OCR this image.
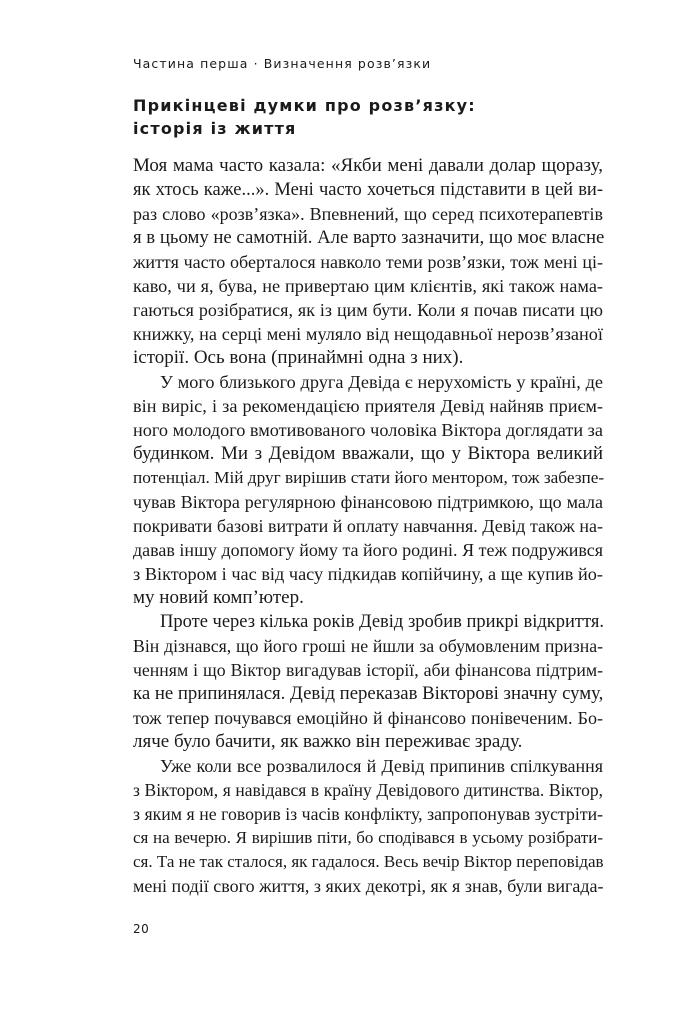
Частина перша · Визначення розв’язки
Прикінцеві думки про розв’язку:
історія із життя
Моя мама часто казала: «Якби мені давали долар щоразу,
як хтось каже...». Мені часто хочеться підставити в цей ви-
раз слово «розв’язка». Впевнений, що серед психотерапевтів
я в цьому не самотній. Але варто зазначити, що моє власне
життя часто оберталося навколо теми розв’язки, тож мені ці-
каво, чи я, бува, не привертаю цим клієнтів, які також нама-
гаються розібратися, як із цим бути. Коли я почав писати цю
книжку, на серці мені муляло від нещодавньої нерозв’язаної
історії. Ось вона (принаймні одна з них).
У мого близького друга Девіда є нерухомість у країні, де
він виріс, і за рекомендацією приятеля Девід найняв приєм-
ного молодого вмотивованого чоловіка Віктора доглядати за
будинком. Ми з Девідом вважали, що у Віктора великий
потенціал. Мій друг вирішив стати його ментором, тож забезпе-
чував Віктора регулярною фінансовою підтримкою, що мала
покривати базові витрати й оплату навчання. Девід також на-
давав іншу допомогу йому та його родині. Я теж подружився
з Віктором і час від часу підкидав копійчину, а ще купив йо-
му новий комп’ютер.
Проте через кілька років Девід зробив прикрі відкриття.
Він дізнався, що його гроші не йшли за обумовленим призна-
ченням і що Віктор вигадував історії, аби фінансова підтрим-
ка не припинялася. Девід переказав Вікторові значну суму,
тож тепер почувався емоційно й фінансово понівеченим. Бо-
ляче було бачити, як важко він переживає зраду.
Уже коли все розвалилося й Девід припинив спілкування
з Віктором, я навідався в країну Девідового дитинства. Віктор,
з яким я не говорив із часів конфлікту, запропонував зустріти-
ся на вечерю. Я вирішив піти, бо сподівався в усьому розібрати-
ся. Та не так сталося, як гадалося. Весь вечір Віктор переповідав
мені події свого життя, з яких декотрі, як я знав, були вигада-
20
